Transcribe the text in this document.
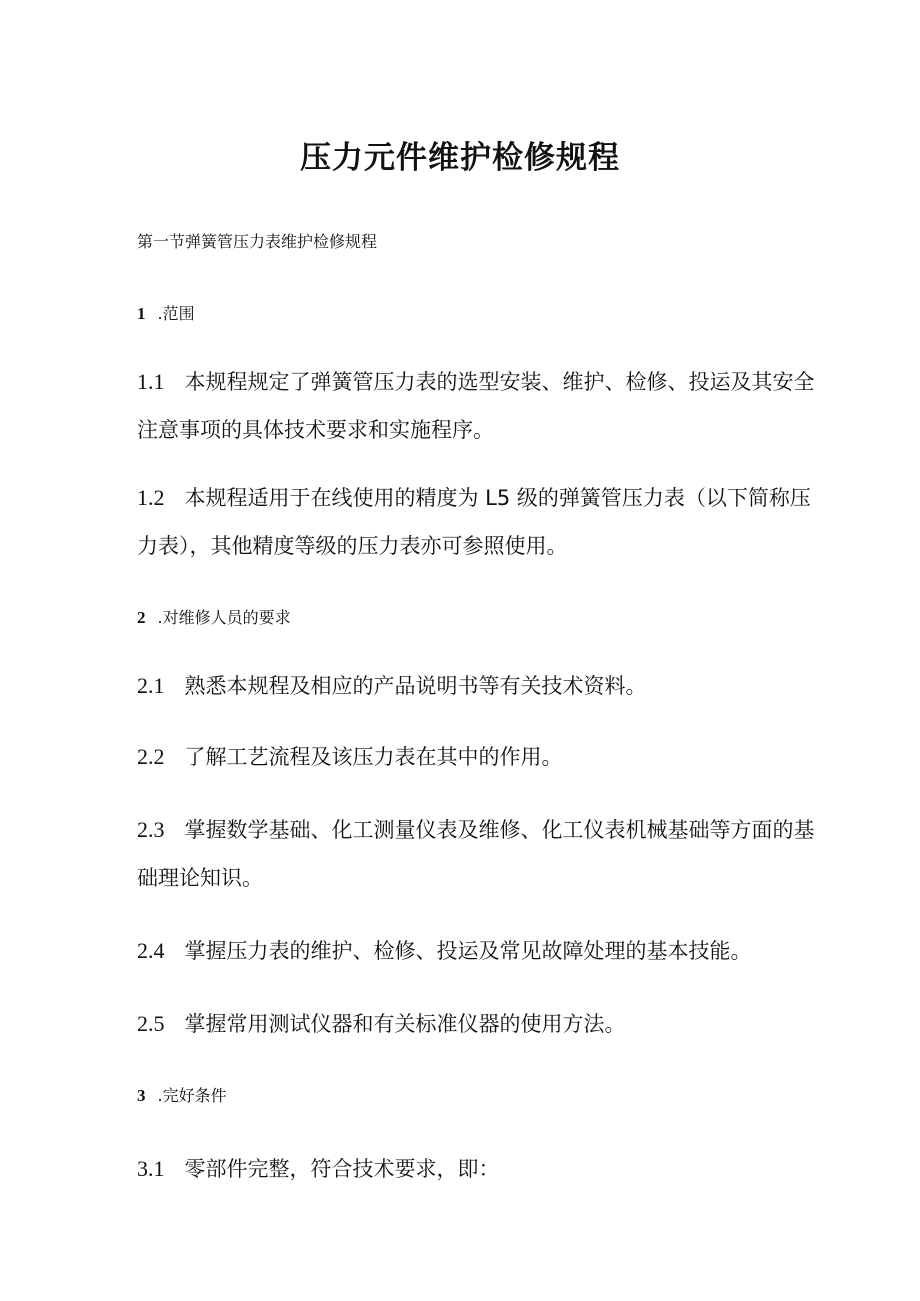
压力元件维护检修规程
第一节弹簧管压力表维护检修规程
1 .范围
1.1 本规程规定了弹簧管压力表的选型安装、维护、检修、投运及其安全
注意事项的具体技术要求和实施程序。
1.2 本规程适用于在线使用的精度为 L5 级的弹簧管压力表（以下简称压
力表），其他精度等级的压力表亦可参照使用。
2 .对维修人员的要求
2.1 熟悉本规程及相应的产品说明书等有关技术资料。
2.2 了解工艺流程及该压力表在其中的作用。
2.3 掌握数学基础、化工测量仪表及维修、化工仪表机械基础等方面的基
础理论知识。
2.4 掌握压力表的维护、检修、投运及常见故障处理的基本技能。
2.5 掌握常用测试仪器和有关标准仪器的使用方法。
3 .完好条件
3.1 零部件完整，符合技术要求，即：
